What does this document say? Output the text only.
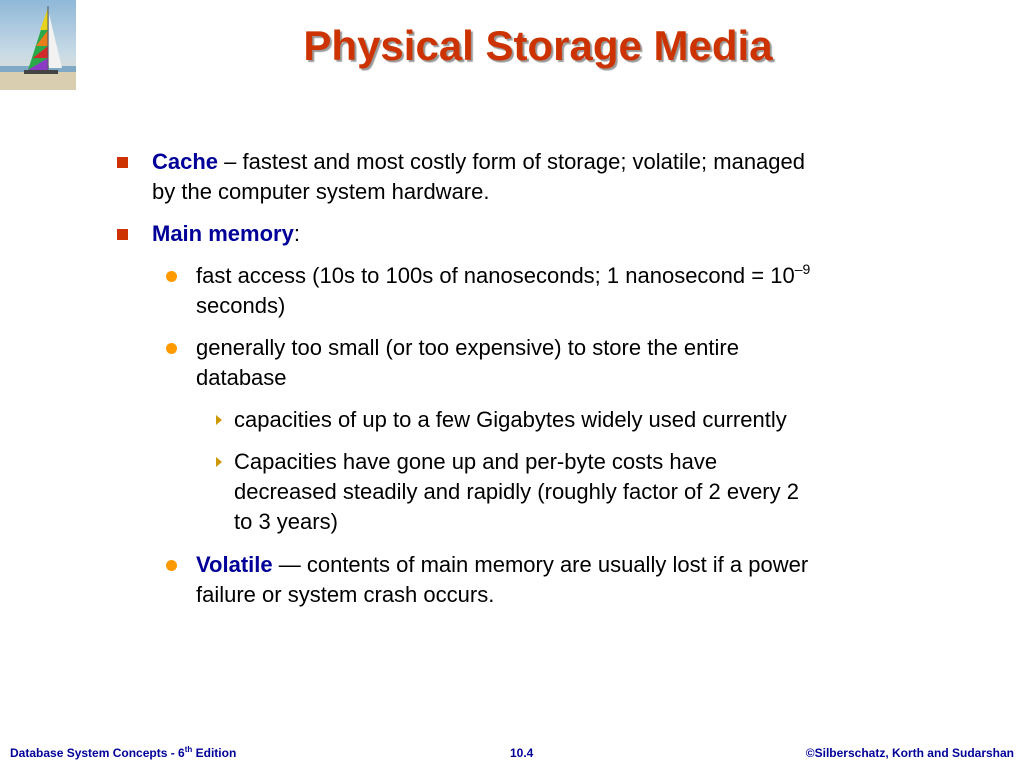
Physical Storage Media
Cache – fastest and most costly form of storage; volatile; managed
by the computer system hardware.
Main memory:
fast access (10s to 100s of nanoseconds; 1 nanosecond = $10^{-9}$
seconds)
generally too small (or too expensive) to store the entire
database
capacities of up to a few Gigabytes widely used currently
Capacities have gone up and per-byte costs have
decreased steadily and rapidly (roughly factor of 2 every 2
to 3 years)
Volatile — contents of main memory are usually lost if a power
failure or system crash occurs.
Database System Concepts - 6th Edition	10.4	©Silberschatz, Korth and Sudarshan
